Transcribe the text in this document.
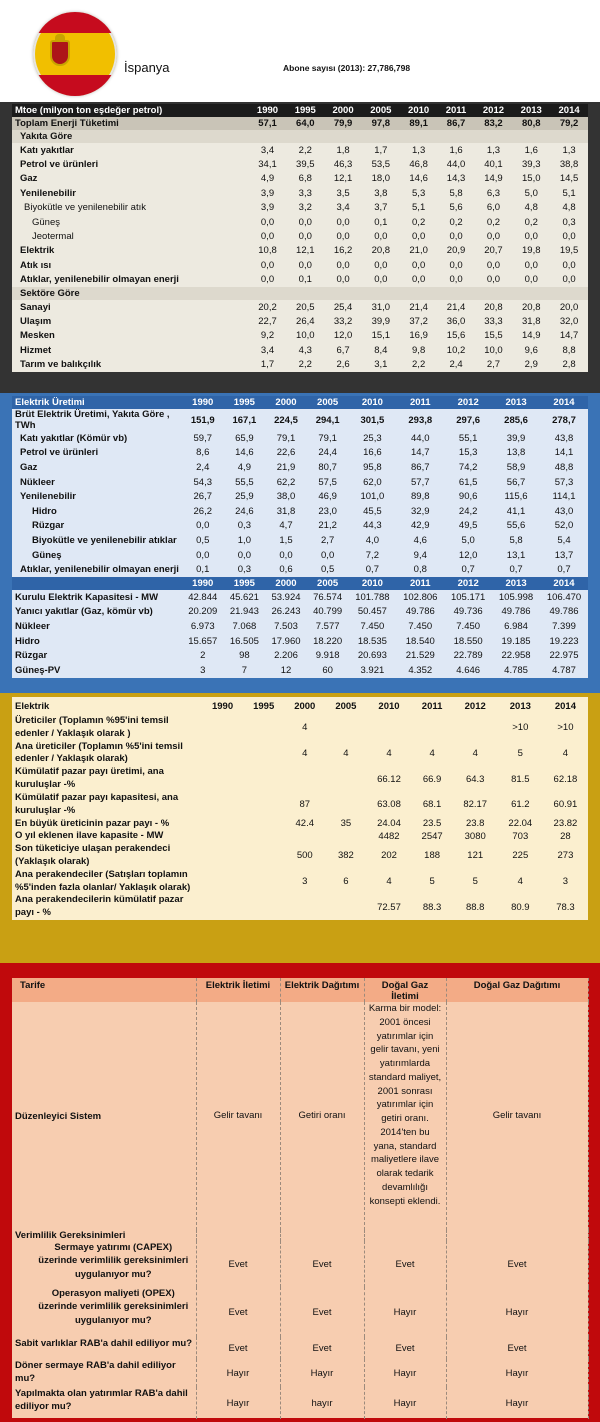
İspanya	Abone sayısı (2013): 27,786,798
Mtoe (milyon ton eşdeğer petrol)	1990	1995	2000	2005	2010	2011	2012	2013	2014
Toplam Enerji Tüketimi	57,1	64,0	79,9	97,8	89,1	86,7	83,2	80,8	79,2
Yakıta Göre									
Katı yakıtlar	3,4	2,2	1,8	1,7	1,3	1,6	1,3	1,6	1,3
Petrol ve ürünleri	34,1	39,5	46,3	53,5	46,8	44,0	40,1	39,3	38,8
Gaz	4,9	6,8	12,1	18,0	14,6	14,3	14,9	15,0	14,5
Yenilenebilir	3,9	3,3	3,5	3,8	5,3	5,8	6,3	5,0	5,1
Biyokütle ve yenilenebilir atık	3,9	3,2	3,4	3,7	5,1	5,6	6,0	4,8	4,8
Güneş	0,0	0,0	0,0	0,1	0,2	0,2	0,2	0,2	0,3
Jeotermal	0,0	0,0	0,0	0,0	0,0	0,0	0,0	0,0	0,0
Elektrik	10,8	12,1	16,2	20,8	21,0	20,9	20,7	19,8	19,5
Atık ısı	0,0	0,0	0,0	0,0	0,0	0,0	0,0	0,0	0,0
Atıklar, yenilenebilir olmayan enerji	0,0	0,1	0,0	0,0	0,0	0,0	0,0	0,0	0,0
Sektöre Göre									
Sanayi	20,2	20,5	25,4	31,0	21,4	21,4	20,8	20,8	20,0
Ulaşım	22,7	26,4	33,2	39,9	37,2	36,0	33,3	31,8	32,0
Mesken	9,2	10,0	12,0	15,1	16,9	15,6	15,5	14,9	14,7
Hizmet	3,4	4,3	6,7	8,4	9,8	10,2	10,0	9,6	8,8
Tarım ve balıkçılık	1,7	2,2	2,6	3,1	2,2	2,4	2,7	2,9	2,8
Elektrik Üretimi	1990	1995	2000	2005	2010	2011	2012	2013	2014
Brüt Elektrik Üretimi, Yakıta Göre , TWh	151,9	167,1	224,5	294,1	301,5	293,8	297,6	285,6	278,7
Katı yakıtlar (Kömür vb)	59,7	65,9	79,1	79,1	25,3	44,0	55,1	39,9	43,8
Petrol ve ürünleri	8,6	14,6	22,6	24,4	16,6	14,7	15,3	13,8	14,1
Gaz	2,4	4,9	21,9	80,7	95,8	86,7	74,2	58,9	48,8
Nükleer	54,3	55,5	62,2	57,5	62,0	57,7	61,5	56,7	57,3
Yenilenebilir	26,7	25,9	38,0	46,9	101,0	89,8	90,6	115,6	114,1
Hidro	26,2	24,6	31,8	23,0	45,5	32,9	24,2	41,1	43,0
Rüzgar	0,0	0,3	4,7	21,2	44,3	42,9	49,5	55,6	52,0
Biyokütle ve yenilenebilir atıklar	0,5	1,0	1,5	2,7	4,0	4,6	5,0	5,8	5,4
Güneş	0,0	0,0	0,0	0,0	7,2	9,4	12,0	13,1	13,7
Atıklar, yenilenebilir olmayan enerji	0,1	0,3	0,6	0,5	0,7	0,8	0,7	0,7	0,7
	1990	1995	2000	2005	2010	2011	2012	2013	2014
Kurulu Elektrik Kapasitesi - MW	42.844	45.621	53.924	76.574	101.788	102.806	105.171	105.998	106.470
Yanıcı yakıtlar (Gaz, kömür vb)	20.209	21.943	26.243	40.799	50.457	49.786	49.736	49.786	49.786
Nükleer	6.973	7.068	7.503	7.577	7.450	7.450	7.450	6.984	7.399
Hidro	15.657	16.505	17.960	18.220	18.535	18.540	18.550	19.185	19.223
Rüzgar	2	98	2.206	9.918	20.693	21.529	22.789	22.958	22.975
Güneş-PV	3	7	12	60	3.921	4.352	4.646	4.785	4.787
Elektrik	1990	1995	2000	2005	2010	2011	2012	2013	2014
Üreticiler (Toplamın %95'ini temsil edenler / Yaklaşık olarak )			4					>10	>10
Ana üreticiler (Toplamın %5'ini temsil edenler / Yaklaşık olarak)			4	4	4	4	4	5	4
Kümülatif pazar payı üretimi, ana kuruluşlar -%					66.12	66.9	64.3	81.5	62.18
Kümülatif pazar payı kapasitesi, ana kuruluşlar -%			87		63.08	68.1	82.17	61.2	60.91
En büyük üreticinin pazar payı - %			42.4	35	24.04	23.5	23.8	22.04	23.82
O yıl eklenen ilave kapasite - MW					4482	2547	3080	703	28
Son tüketiciye ulaşan perakendeci (Yaklaşık olarak)			500	382	202	188	121	225	273
Ana perakendeciler (Satışları toplamın %5'inden fazla olanlar/ Yaklaşık olarak)			3	6	4	5	5	4	3
Ana perakendecilerin kümülatif pazar payı - %					72.57	88.3	88.8	80.9	78.3
Tarife	Elektrik İletimi	Elektrik Dağıtımı	Doğal Gaz İletimi	Doğal Gaz Dağıtımı
Düzenleyici Sistem	Gelir tavanı	Getiri oranı	Karma bir model: 2001 öncesi yatırımlar için gelir tavanı, yeni yatırımlarda standard maliyet, 2001 sonrası yatırımlar için getiri oranı. 2014'ten bu yana, standard maliyetlere ilave olarak tedarik devamlılığı konsepti eklendi.	Gelir tavanı
Verimlilik Gereksinimleri				
Sermaye yatırımı (CAPEX) üzerinde verimlilik gereksinimleri uygulanıyor mu?	Evet	Evet	Evet	Evet
Operasyon maliyeti (OPEX) üzerinde verimlilik gereksinimleri uygulanıyor mu?	Evet	Evet	Hayır	Hayır
Sabit varlıklar RAB'a dahil ediliyor mu?	Evet	Evet	Evet	Evet
Döner sermaye RAB'a dahil ediliyor mu?	Hayır	Hayır	Hayır	Hayır
Yapılmakta olan yatırımlar RAB'a dahil ediliyor mu?	Hayır	hayır	Hayır	Hayır
